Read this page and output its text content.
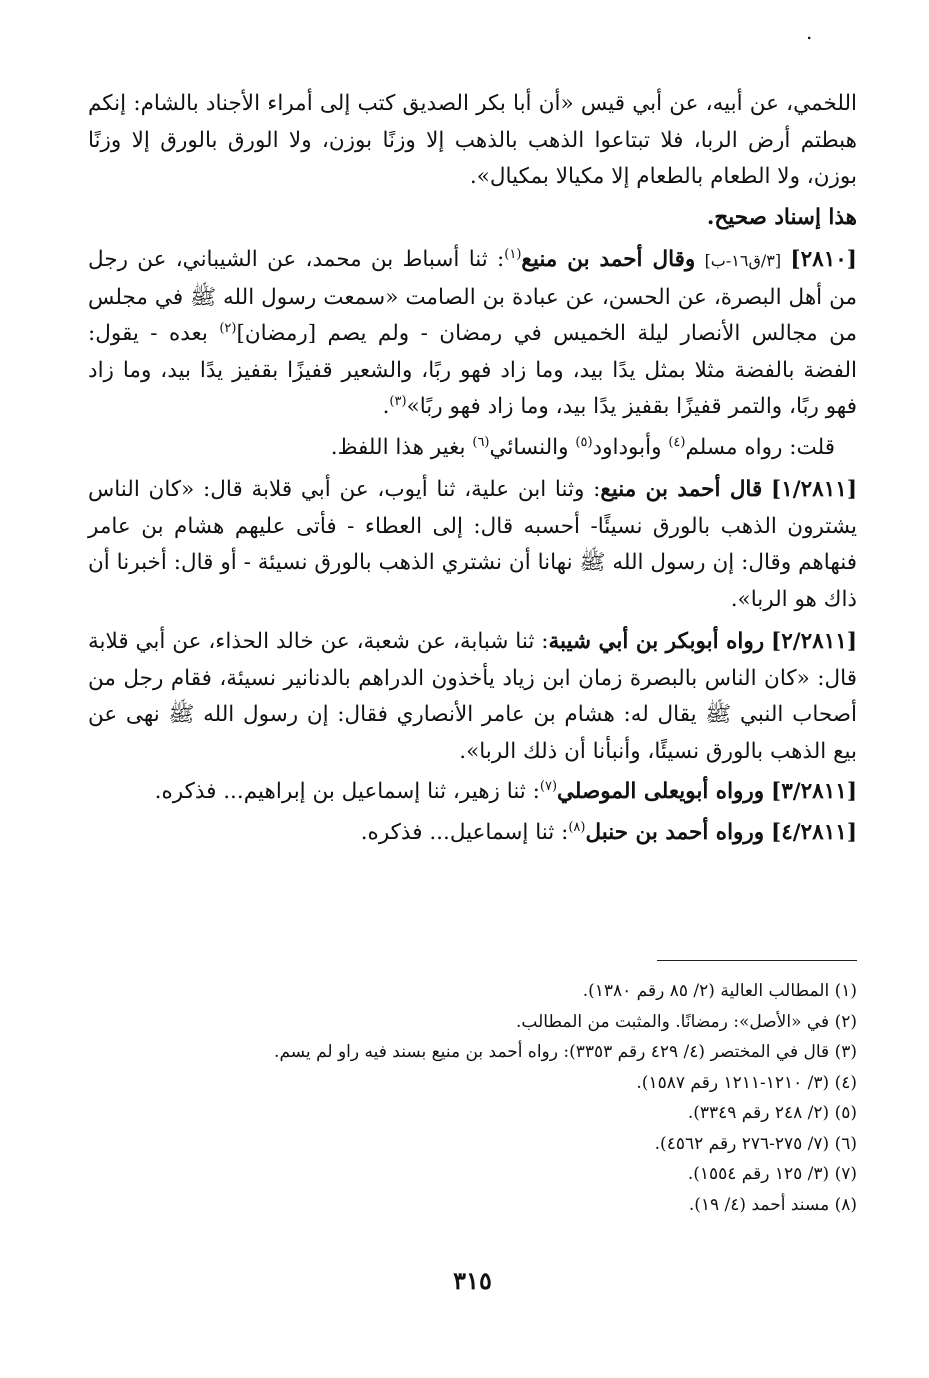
.

اللخمي، عن أبيه، عن أبي قيس «أن أبا بكر الصديق كتب إلى أمراء الأجناد بالشام: إنكم هبطتم أرض الربا، فلا تبتاعوا الذهب بالذهب إلا وزنًا بوزن، ولا الورق بالورق إلا وزنًا بوزن، ولا الطعام بالطعام إلا مكيالا بمكيال».

هذا إسناد صحيح.

[٢٨١٠] [٣/ق١٦-ب] وقال أحمد بن منيع$^{(١)}$: ثنا أسباط بن محمد، عن الشيباني، عن رجل من أهل البصرة، عن الحسن، عن عبادة بن الصامت «سمعت رسول الله ﷺ في مجلس من مجالس الأنصار ليلة الخميس في رمضان - ولم يصم [رمضان]$^{(٢)}$ بعده - يقول: الفضة بالفضة مثلا بمثل يدًا بيد، وما زاد فهو ربًا، والشعير قفيزًا بقفيز يدًا بيد، وما زاد فهو ربًا، والتمر قفيزًا بقفيز يدًا بيد، وما زاد فهو ربًا»$^{(٣)}$.

قلت: رواه مسلم$^{(٤)}$ وأبوداود$^{(٥)}$ والنسائي$^{(٦)}$ بغير هذا اللفظ.

[١/٢٨١١] قال أحمد بن منيع: وثنا ابن علية، ثنا أيوب، عن أبي قلابة قال: «كان الناس يشترون الذهب بالورق نسيئًا- أحسبه قال: إلى العطاء - فأتى عليهم هشام بن عامر فنهاهم وقال: إن رسول الله ﷺ نهانا أن نشتري الذهب بالورق نسيئة - أو قال: أخبرنا أن ذاك هو الربا».

[٢/٢٨١١] رواه أبوبكر بن أبي شيبة: ثنا شبابة، عن شعبة، عن خالد الحذاء، عن أبي قلابة قال: «كان الناس بالبصرة زمان ابن زياد يأخذون الدراهم بالدنانير نسيئة، فقام رجل من أصحاب النبي ﷺ يقال له: هشام بن عامر الأنصاري فقال: إن رسول الله ﷺ نهى عن بيع الذهب بالورق نسيئًا، وأنبأنا أن ذلك الربا».

[٣/٢٨١١] ورواه أبويعلى الموصلي$^{(٧)}$: ثنا زهير، ثنا إسماعيل بن إبراهيم... فذكره.

[٤/٢٨١١] ورواه أحمد بن حنبل$^{(٨)}$: ثنا إسماعيل... فذكره.

(١) المطالب العالية (٢/ ٨٥ رقم ١٣٨٠).

(٢) في «الأصل»: رمضانًا. والمثبت من المطالب.

(٣) قال في المختصر (٤/ ٤٢٩ رقم ٣٣٥٣): رواه أحمد بن منيع بسند فيه راو لم يسم.

(٤) (٣/ ١٢١٠-١٢١١ رقم ١٥٨٧).

(٥) (٢/ ٢٤٨ رقم ٣٣٤٩).

(٦) (٧/ ٢٧٥-٢٧٦ رقم ٤٥٦٢).

(٧) (٣/ ١٢٥ رقم ١٥٥٤).

(٨) مسند أحمد (٤/ ١٩).

٣١٥
